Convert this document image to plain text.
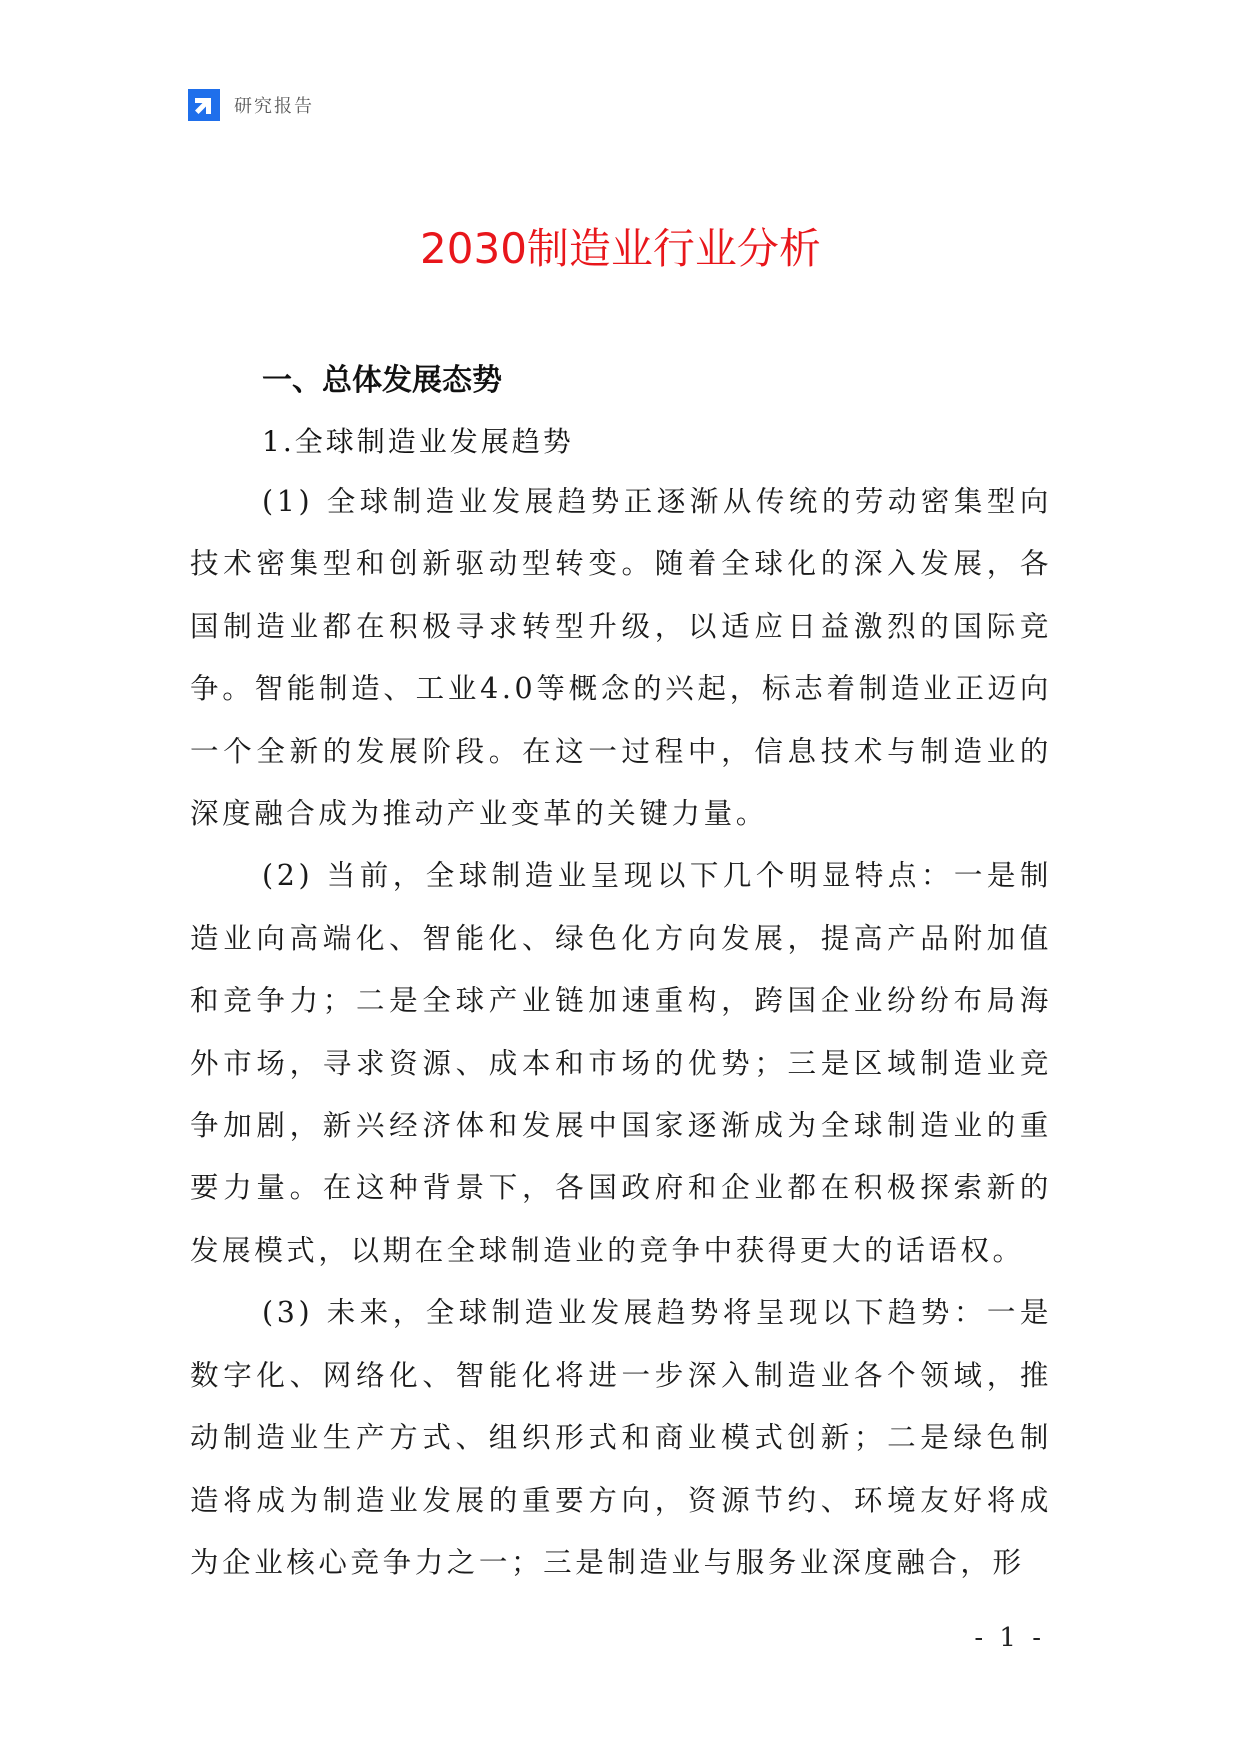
研究报告
2030制造业行业分析
一、总体发展态势
1.全球制造业发展趋势

(1) 全球制造业发展趋势正逐渐从传统的劳动密集型向技术密集型和创新驱动型转变。随着全球化的深入发展，各国制造业都在积极寻求转型升级，以适应日益激烈的国际竞争。智能制造、工业4.0等概念的兴起，标志着制造业正迈向一个全新的发展阶段。在这一过程中，信息技术与制造业的深度融合成为推动产业变革的关键力量。

(2) 当前，全球制造业呈现以下几个明显特点：一是制造业向高端化、智能化、绿色化方向发展，提高产品附加值和竞争力；二是全球产业链加速重构，跨国企业纷纷布局海外市场，寻求资源、成本和市场的优势；三是区域制造业竞争加剧，新兴经济体和发展中国家逐渐成为全球制造业的重要力量。在这种背景下，各国政府和企业都在积极探索新的发展模式，以期在全球制造业的竞争中获得更大的话语权。

(3) 未来，全球制造业发展趋势将呈现以下趋势：一是数字化、网络化、智能化将进一步深入制造业各个领域，推动制造业生产方式、组织形式和商业模式创新；二是绿色制造将成为制造业发展的重要方向，资源节约、环境友好将成为企业核心竞争力之一；三是制造业与服务业深度融合，形

- 1 -
